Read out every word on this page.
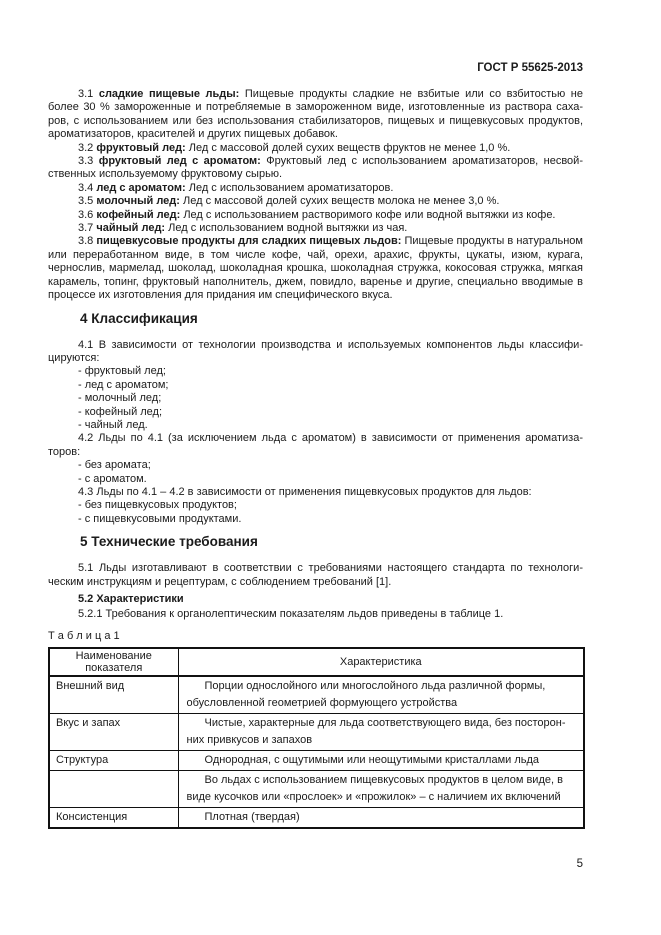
ГОСТ Р 55625-2013

3.1 сладкие пищевые льды: Пищевые продукты сладкие не взбитые или со взбитостью не более 30 % замороженные и потребляемые в замороженном виде, изготовленные из раствора сахаров, с использованием или без использования стабилизаторов, пищевых и пищевкусовых продуктов, ароматизаторов, красителей и других пищевых добавок.

3.2 фруктовый лед: Лед с массовой долей сухих веществ фруктов не менее 1,0 %.

3.3 фруктовый лед с ароматом: Фруктовый лед с использованием ароматизаторов, несвойственных используемому фруктовому сырью.

3.4 лед с ароматом: Лед с использованием ароматизаторов.

3.5 молочный лед: Лед с массовой долей сухих веществ молока не менее 3,0 %.

3.6 кофейный лед: Лед с использованием растворимого кофе или водной вытяжки из кофе.

3.7 чайный лед: Лед с использованием водной вытяжки из чая.

3.8 пищевкусовые продукты для сладких пищевых льдов: Пищевые продукты в натуральном или переработанном виде, в том числе кофе, чай, орехи, арахис, фрукты, цукаты, изюм, курага, чернослив, мармелад, шоколад, шоколадная крошка, шоколадная стружка, кокосовая стружка, мягкая карамель, топинг, фруктовый наполнитель, джем, повидло, варенье и другие, специально вводимые в процессе их изготовления для придания им специфического вкуса.

4 Классификация

4.1 В зависимости от технологии производства и используемых компонентов льды классифицируются:

- фруктовый лед;

- лед с ароматом;

- молочный лед;

- кофейный лед;

- чайный лед.

4.2 Льды по 4.1 (за исключением льда с ароматом) в зависимости от применения ароматизаторов:

- без аромата;

- с ароматом.

4.3 Льды по 4.1 – 4.2 в зависимости от применения пищевкусовых продуктов для льдов:

- без пищевкусовых продуктов;

- с пищевкусовыми продуктами.

5 Технические требования

5.1 Льды изготавливают в соответствии с требованиями настоящего стандарта по технологическим инструкциям и рецептурам, с соблюдением требований [1].

5.2 Характеристики

5.2.1 Требования к органолептическим показателям льдов приведены в таблице 1.

Т а б л и ц а 1
Наименование показателя	Характеристика
Внешний вид	Порции однослойного или многослойного льда различной формы, обусловленной геометрией формующего устройства
Вкус и запах	Чистые, характерные для льда соответствующего вида, без посторонних привкусов и запахов
Структура	Однородная, с ощутимыми или неощутимыми кристаллами льда
	Во льдах с использованием пищевкусовых продуктов в целом виде, в виде кусочков или «прослоек» и «прожилок» – с наличием их включений
Консистенция	Плотная (твердая)
5
